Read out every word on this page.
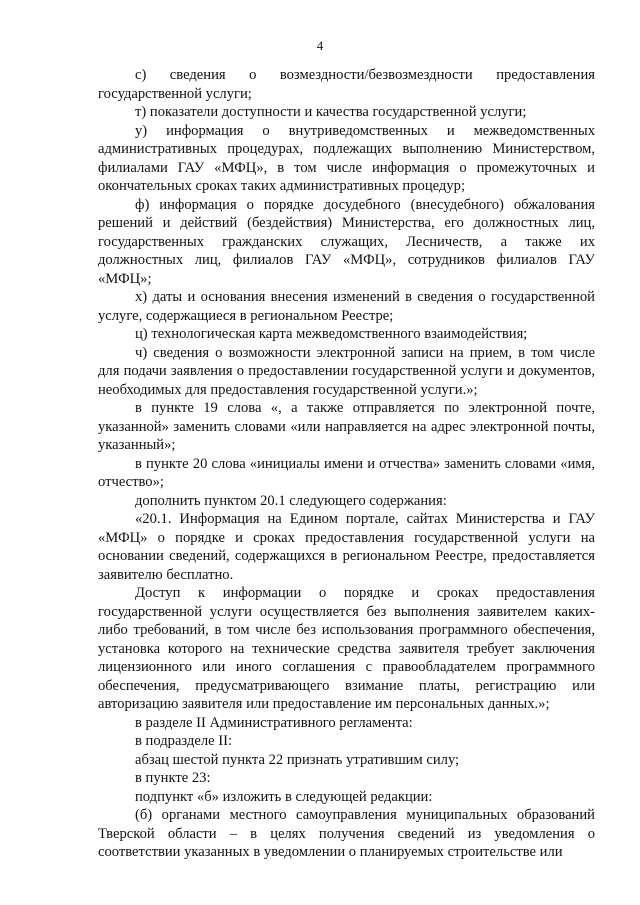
4

с) сведения о возмездности/безвозмездности предоставления государственной услуги;

т) показатели доступности и качества государственной услуги;

у) информация о внутриведомственных и межведомственных административных процедурах, подлежащих выполнению Министерством, филиалами ГАУ «МФЦ», в том числе информация о промежуточных и окончательных сроках таких административных процедур;

ф) информация о порядке досудебного (внесудебного) обжалования решений и действий (бездействия) Министерства, его должностных лиц, государственных гражданских служащих, Лесничеств, а также их должностных лиц, филиалов ГАУ «МФЦ», сотрудников филиалов ГАУ «МФЦ»;

х) даты и основания внесения изменений в сведения о государственной услуге, содержащиеся в региональном Реестре;

ц) технологическая карта межведомственного взаимодействия;

ч) сведения о возможности электронной записи на прием, в том числе для подачи заявления о предоставлении государственной услуги и документов, необходимых для предоставления государственной услуги.»;

в пункте 19 слова «, а также отправляется по электронной почте, указанной» заменить словами «или направляется на адрес электронной почты, указанный»;

в пункте 20 слова «инициалы имени и отчества» заменить словами «имя, отчество»;

дополнить пунктом 20.1 следующего содержания:

«20.1. Информация на Едином портале, сайтах Министерства и ГАУ «МФЦ» о порядке и сроках предоставления государственной услуги на основании сведений, содержащихся в региональном Реестре, предоставляется заявителю бесплатно.

Доступ к информации о порядке и сроках предоставления государственной услуги осуществляется без выполнения заявителем каких-либо требований, в том числе без использования программного обеспечения, установка которого на технические средства заявителя требует заключения лицензионного или иного соглашения с правообладателем программного обеспечения, предусматривающего взимание платы, регистрацию или авторизацию заявителя или предоставление им персональных данных.»;

в разделе II Административного регламента:

в подразделе II:

абзац шестой пункта 22 признать утратившим силу;

в пункте 23:

подпункт «б» изложить в следующей редакции:

(б) органами местного самоуправления муниципальных образований Тверской области – в целях получения сведений из уведомления о соответствии указанных в уведомлении о планируемых строительстве или
